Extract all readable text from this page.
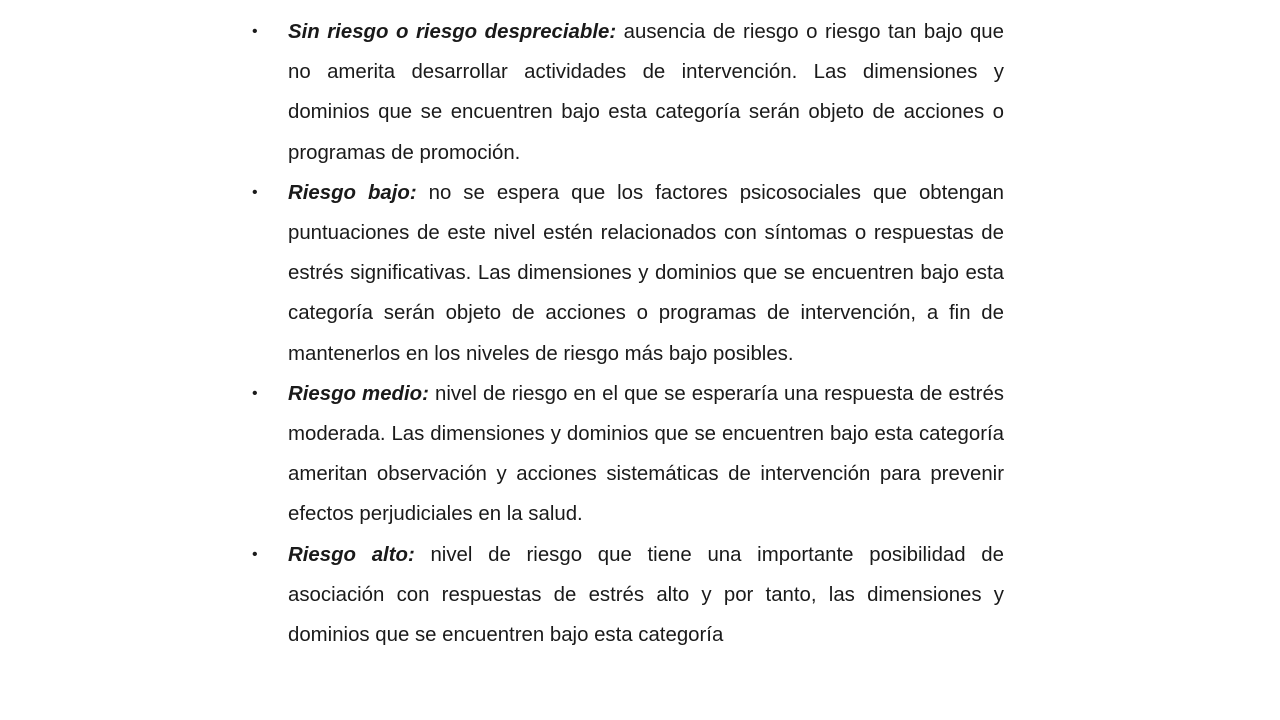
• Sin riesgo o riesgo despreciable: ausencia de riesgo o riesgo tan bajo que no amerita desarrollar actividades de intervención. Las dimensiones y dominios que se encuentren bajo esta categoría serán objeto de acciones o programas de promoción.
• Riesgo bajo: no se espera que los factores psicosociales que obtengan puntuaciones de este nivel estén relacionados con síntomas o respuestas de estrés significativas. Las dimensiones y dominios que se encuentren bajo esta categoría serán objeto de acciones o programas de intervención, a fin de mantenerlos en los niveles de riesgo más bajo posibles.
• Riesgo medio: nivel de riesgo en el que se esperaría una respuesta de estrés moderada. Las dimensiones y dominios que se encuentren bajo esta categoría ameritan observación y acciones sistemáticas de intervención para prevenir efectos perjudiciales en la salud.
• Riesgo alto: nivel de riesgo que tiene una importante posibilidad de asociación con respuestas de estrés alto y por tanto, las dimensiones y dominios que se encuentren bajo esta categoría
